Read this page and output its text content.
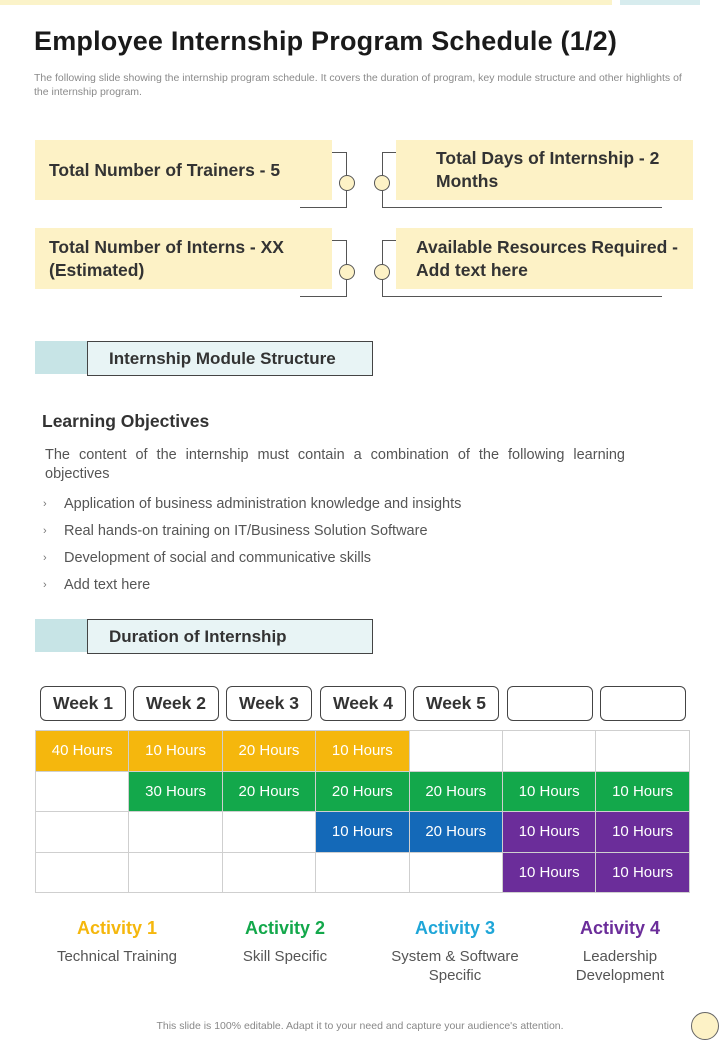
Employee Internship Program Schedule (1/2)

The following slide showing the internship program schedule. It covers the duration of program, key module structure and other highlights of the internship program.

Total Number of Trainers - 5
Total Days of Internship - 2 Months
Total Number of Interns - XX (Estimated)
Available Resources Required - Add text here
Internship Module Structure
Learning Objectives

The content of the internship must contain a combination of the following learning objectives

›	Application of business administration knowledge and insights
›	Real hands-on training on IT/Business Solution Software
›	Development of social and communicative skills
›	Add text here
Duration of Internship
Week 1	Week 2	Week 3	Week 4	Week 5
40 Hours	10 Hours	20 Hours	10 Hours			
	30 Hours	20 Hours	20 Hours	20 Hours	10 Hours	10 Hours
			10 Hours	20 Hours	10 Hours	10 Hours
					10 Hours	10 Hours
Activity 1
Technical Training
Activity 2
Skill Specific
Activity 3
System & Software Specific
Activity 4
Leadership Development
This slide is 100% editable. Adapt it to your need and capture your audience's attention.
